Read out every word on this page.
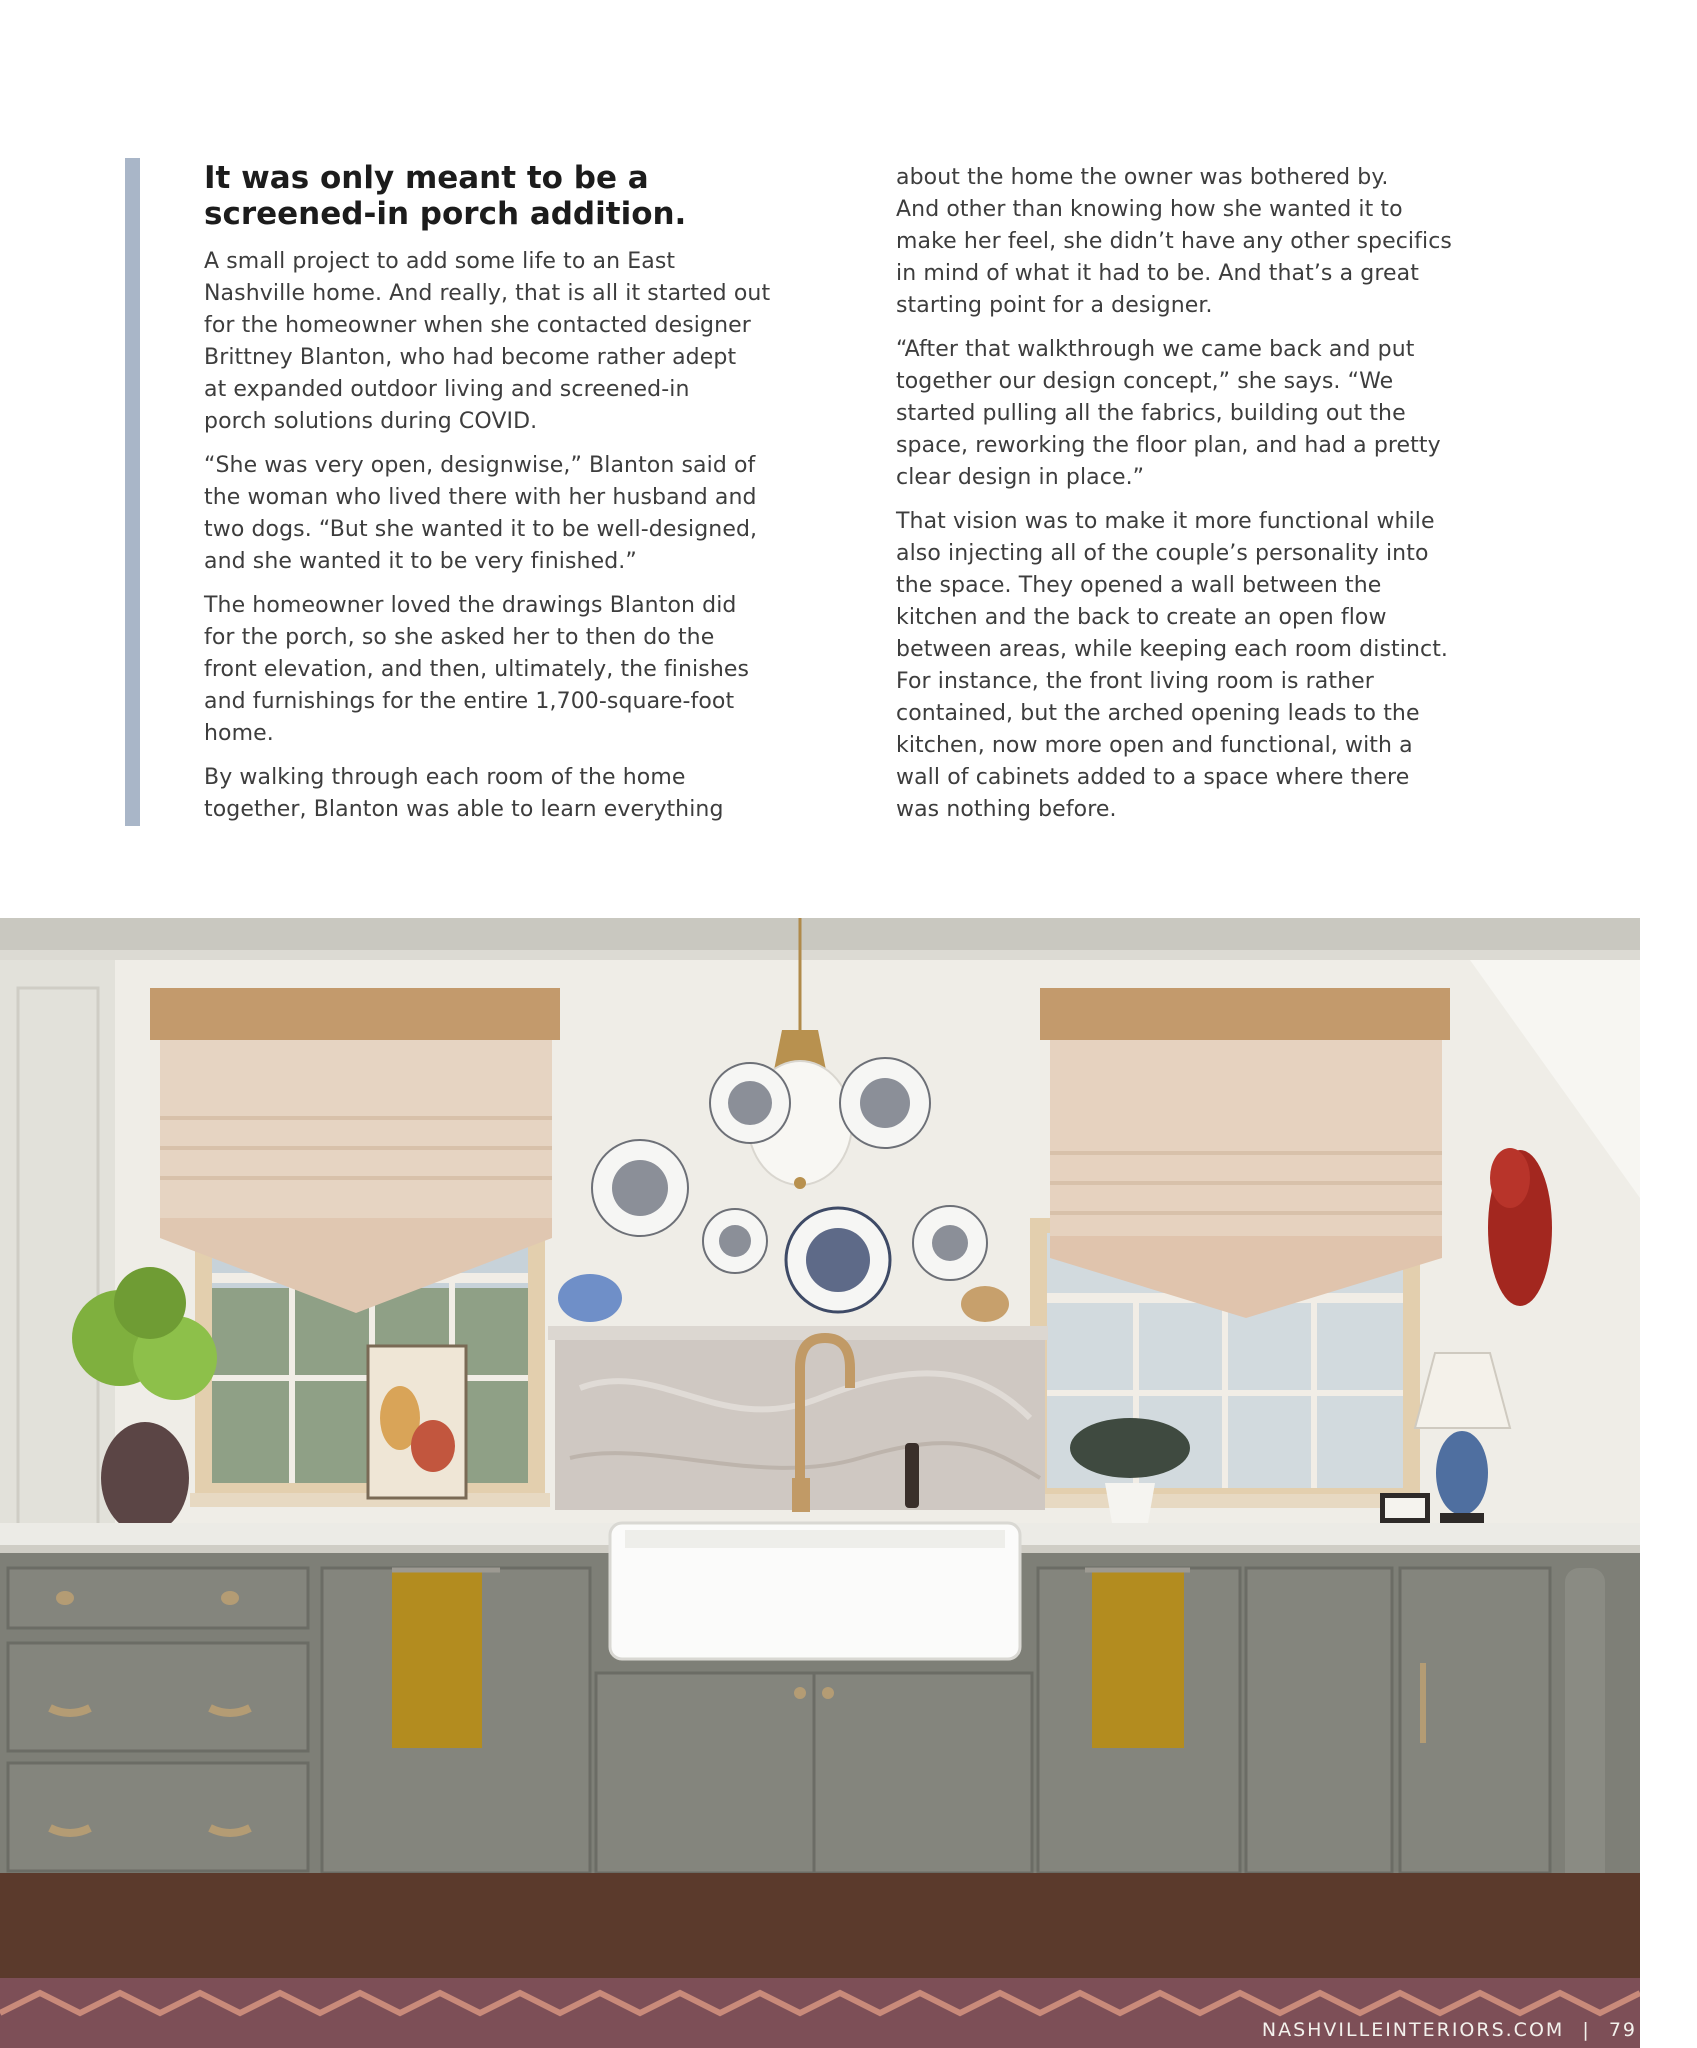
It was only meant to be a
screened-in porch addition.

A small project to add some life to an East
Nashville home. And really, that is all it started out
for the homeowner when she contacted designer
Brittney Blanton, who had become rather adept
at expanded outdoor living and screened-in
porch solutions during COVID.

“She was very open, designwise,” Blanton said of
the woman who lived there with her husband and
two dogs. “But she wanted it to be well-designed,
and she wanted it to be very finished.”

The homeowner loved the drawings Blanton did
for the porch, so she asked her to then do the
front elevation, and then, ultimately, the finishes
and furnishings for the entire 1,700-square-foot
home.

By walking through each room of the home
together, Blanton was able to learn everything

about the home the owner was bothered by.
And other than knowing how she wanted it to
make her feel, she didn’t have any other specifics
in mind of what it had to be. And that’s a great
starting point for a designer.

“After that walkthrough we came back and put
together our design concept,” she says. “We
started pulling all the fabrics, building out the
space, reworking the floor plan, and had a pretty
clear design in place.”

That vision was to make it more functional while
also injecting all of the couple’s personality into
the space. They opened a wall between the
kitchen and the back to create an open flow
between areas, while keeping each room distinct.
For instance, the front living room is rather
contained, but the arched opening leads to the
kitchen, now more open and functional, with a
wall of cabinets added to a space where there
was nothing before.

NASHVILLEINTERIORS.COM | 79
